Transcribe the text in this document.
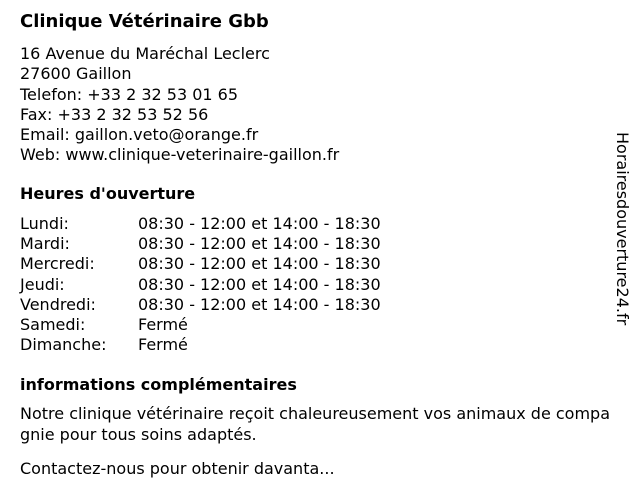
Clinique Vétérinaire Gbb
16 Avenue du Maréchal Leclerc
27600 Gaillon
Telefon: +33 2 32 53 01 65
Fax: +33 2 32 53 52 56
Email: gaillon.veto@orange.fr
Web: www.clinique-veterinaire-gaillon.fr
Heures d'ouverture
Lundi:	08:30 - 12:00 et 14:00 - 18:30
Mardi:	08:30 - 12:00 et 14:00 - 18:30
Mercredi:	08:30 - 12:00 et 14:00 - 18:30
Jeudi:	08:30 - 12:00 et 14:00 - 18:30
Vendredi:	08:30 - 12:00 et 14:00 - 18:30
Samedi:	Fermé
Dimanche:	Fermé
informations complémentaires
Notre clinique vétérinaire reçoit chaleureusement vos animaux de compagnie pour tous soins adaptés.
Contactez-nous pour obtenir davanta...
Horairesdouverture24.fr
